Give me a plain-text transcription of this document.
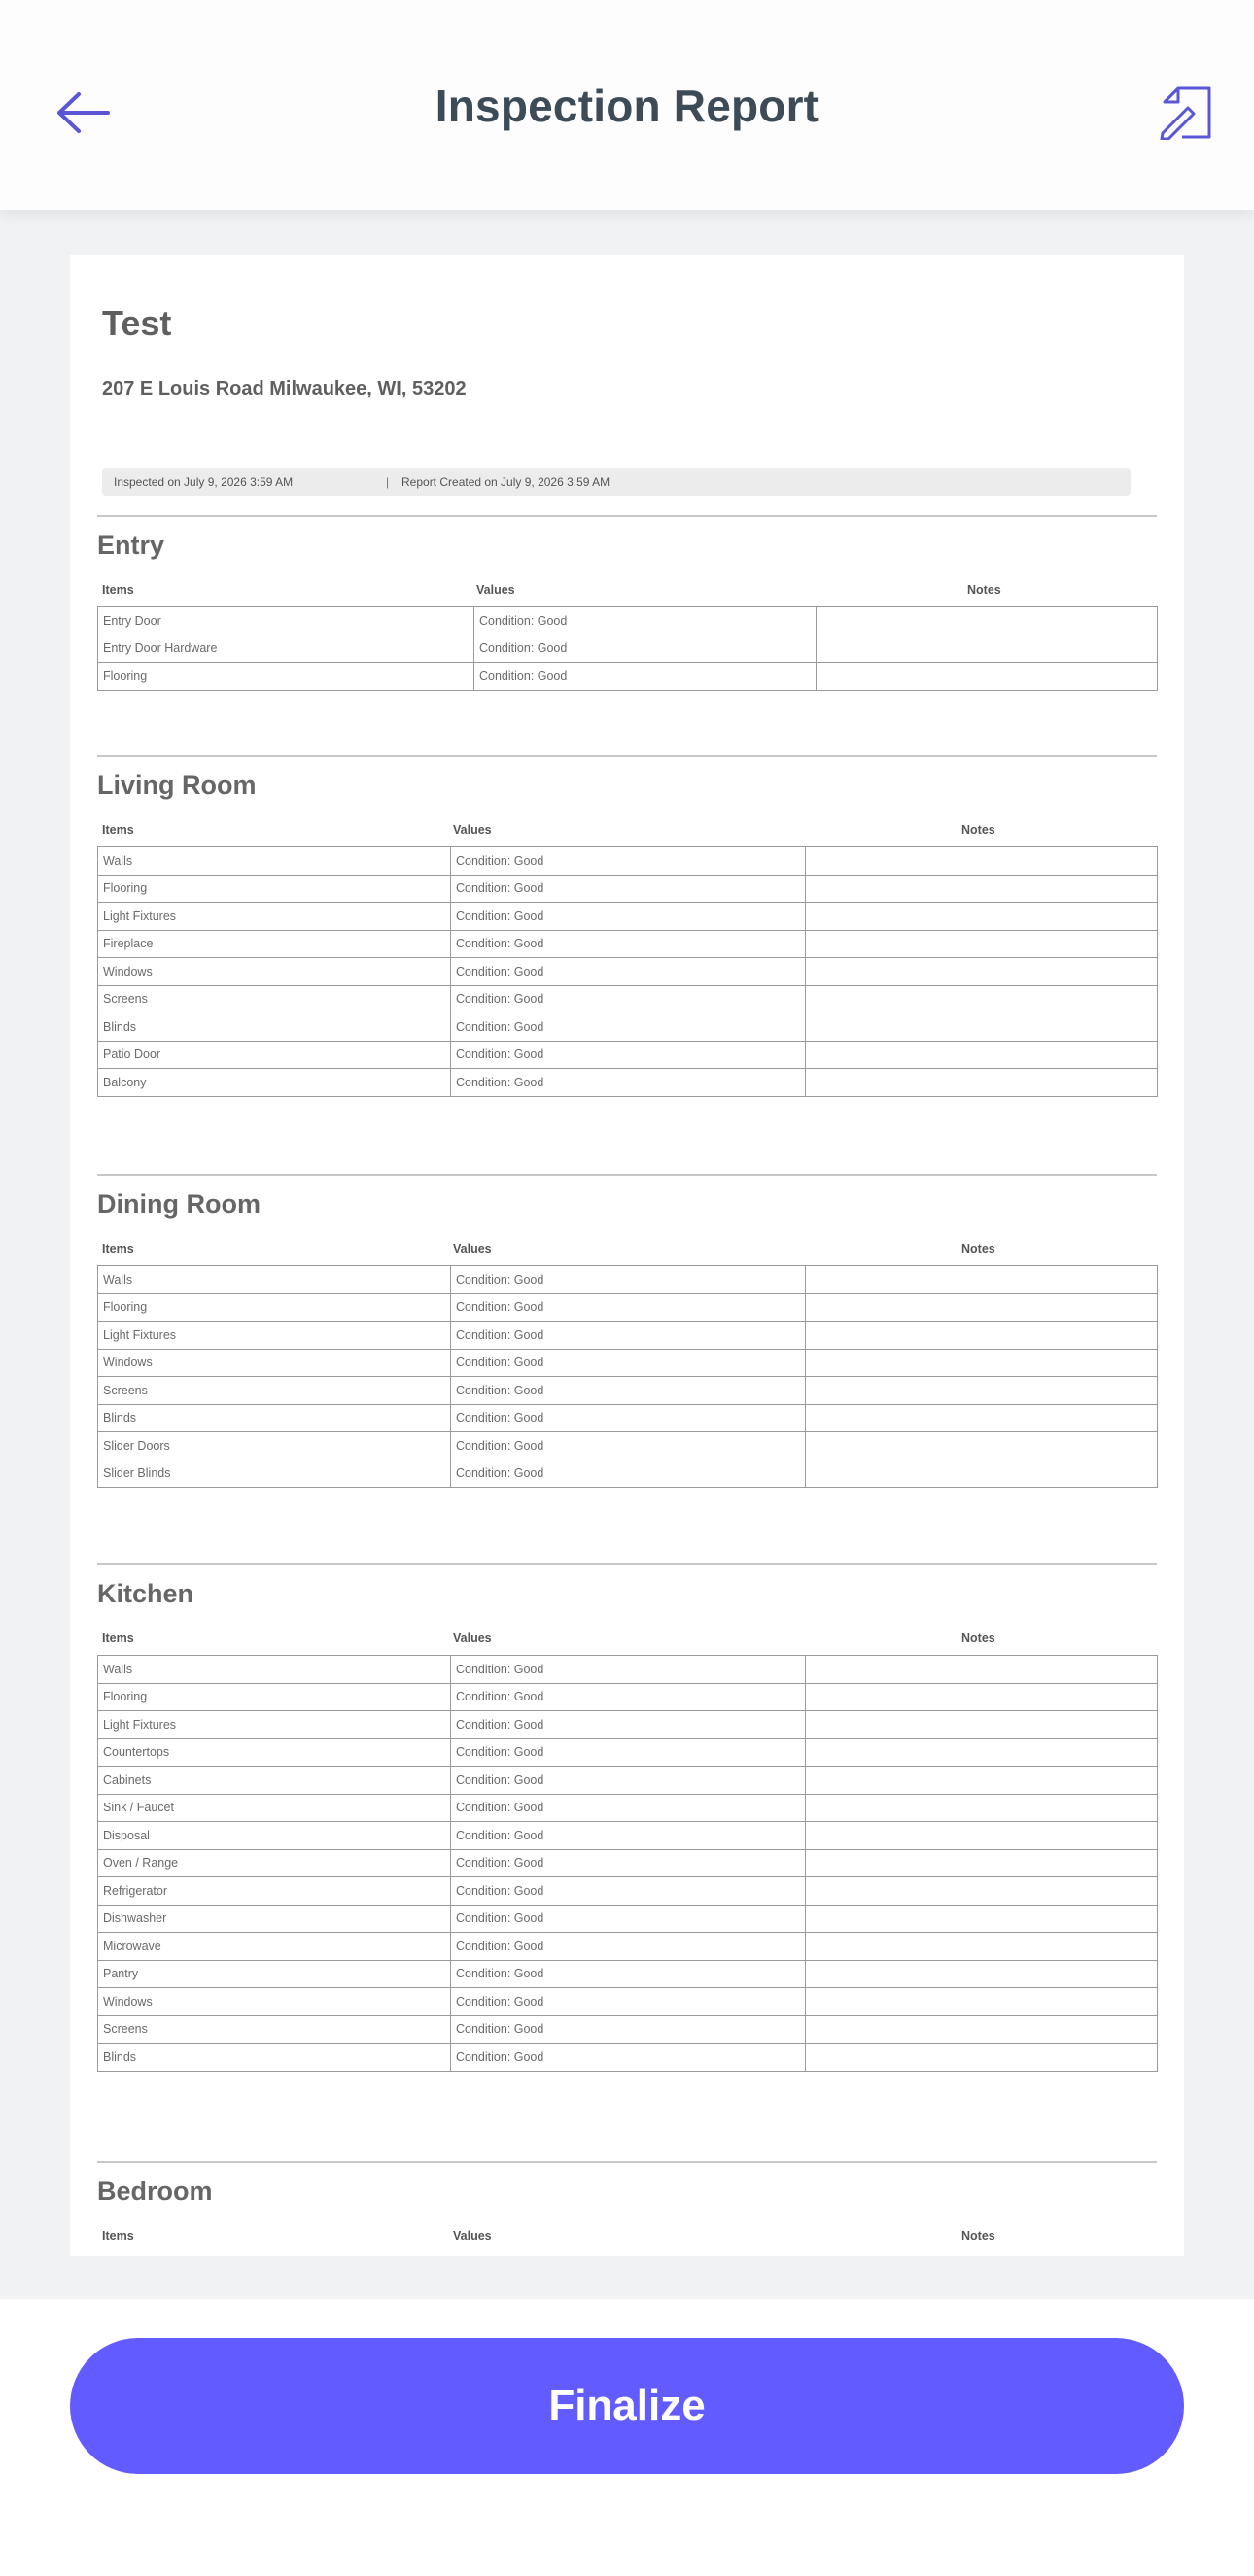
Inspection Report
Test
207 E Louis Road Milwaukee, WI, 53202
Inspected on July 9, 2026 3:59 AM	| Report Created on July 9, 2026 3:59 AM
Entry
Items	Values	Notes
Entry Door	Condition: Good	
Entry Door Hardware	Condition: Good	
Flooring	Condition: Good	
Living Room
Items	Values	Notes
Walls	Condition: Good	
Flooring	Condition: Good	
Light Fixtures	Condition: Good	
Fireplace	Condition: Good	
Windows	Condition: Good	
Screens	Condition: Good	
Blinds	Condition: Good	
Patio Door	Condition: Good	
Balcony	Condition: Good	
Dining Room
Items	Values	Notes
Walls	Condition: Good	
Flooring	Condition: Good	
Light Fixtures	Condition: Good	
Windows	Condition: Good	
Screens	Condition: Good	
Blinds	Condition: Good	
Slider Doors	Condition: Good	
Slider Blinds	Condition: Good	
Kitchen
Items	Values	Notes
Walls	Condition: Good	
Flooring	Condition: Good	
Light Fixtures	Condition: Good	
Countertops	Condition: Good	
Cabinets	Condition: Good	
Sink / Faucet	Condition: Good	
Disposal	Condition: Good	
Oven / Range	Condition: Good	
Refrigerator	Condition: Good	
Dishwasher	Condition: Good	
Microwave	Condition: Good	
Pantry	Condition: Good	
Windows	Condition: Good	
Screens	Condition: Good	
Blinds	Condition: Good	
Bedroom
Items	Values	Notes
Finalize
